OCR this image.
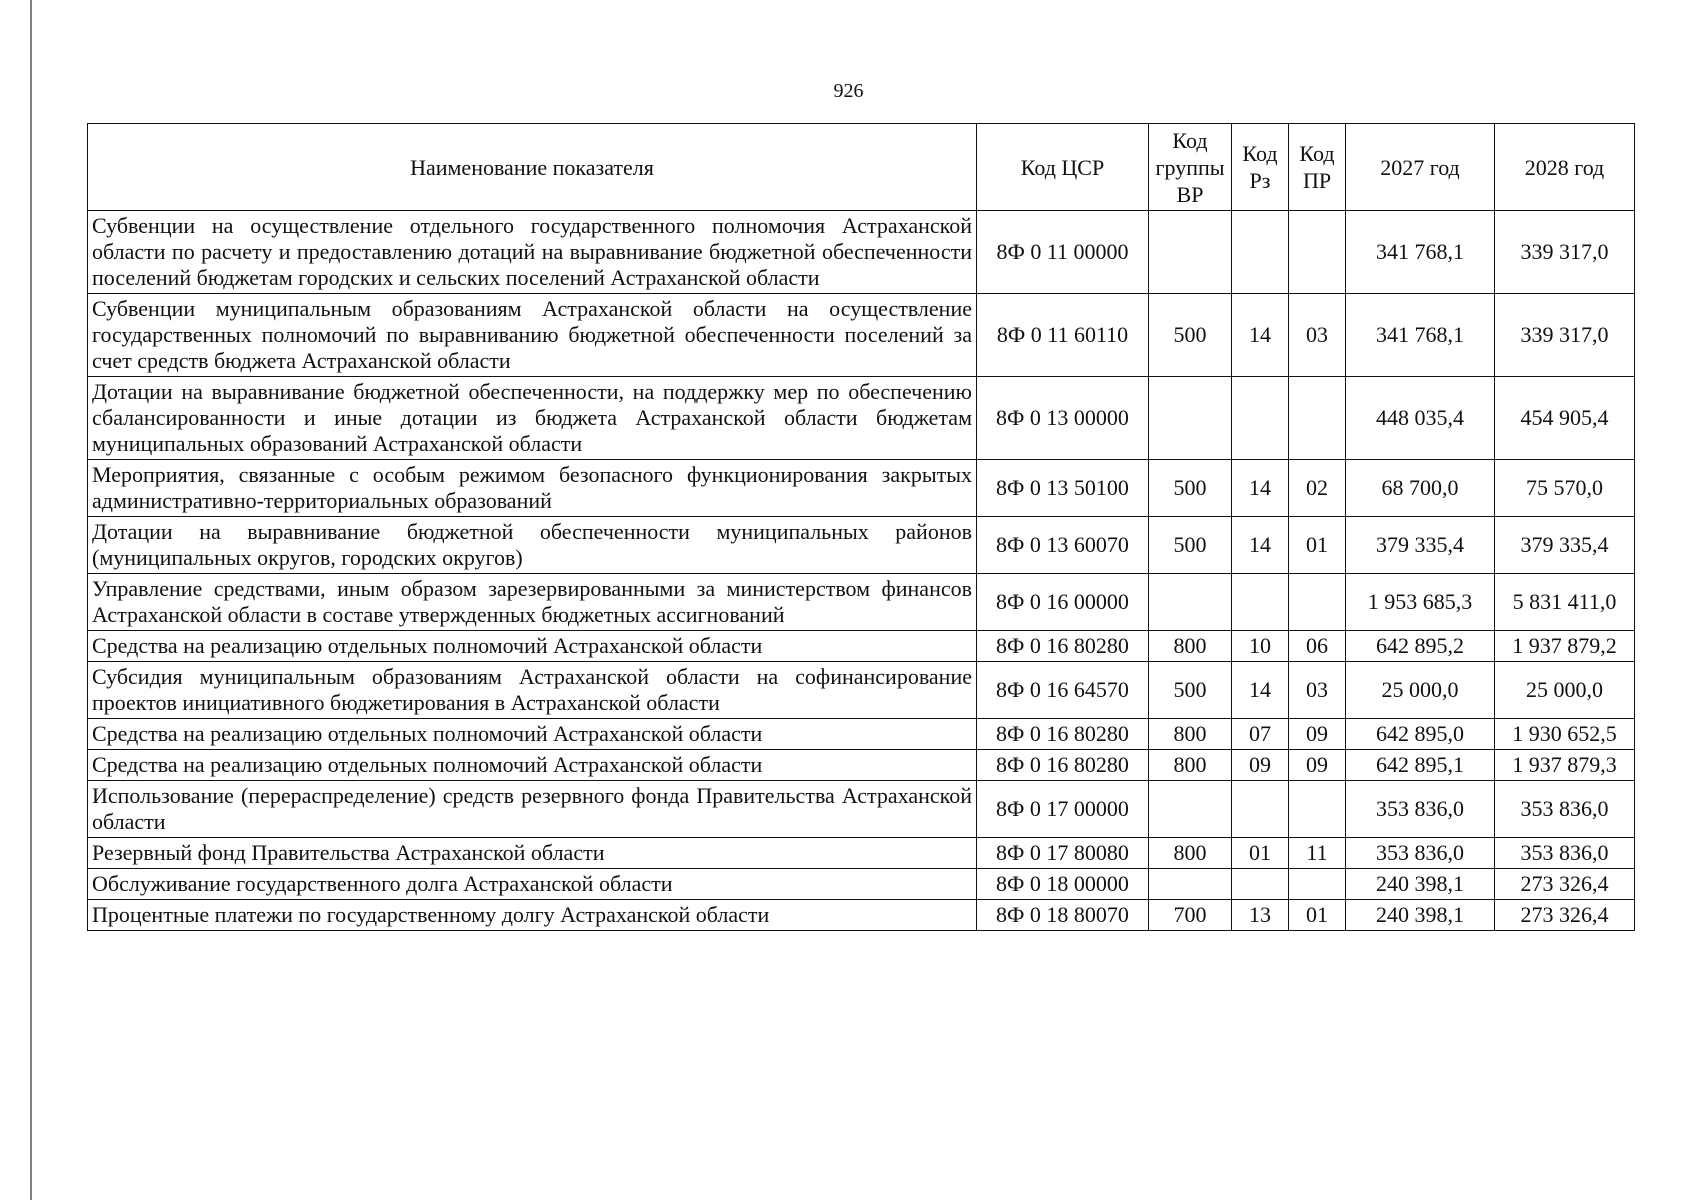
926
Наименование показателя	Код ЦСР	Код группы ВР	Код Рз	Код ПР	2027 год	2028 год
Субвенции на осуществление отдельного государственного полномочия Астраханской области по расчету и предоставлению дотаций на выравнивание бюджетной обеспеченности поселений бюджетам городских и сельских поселений Астраханской области	8Ф 0 11 00000				341 768,1	339 317,0
Субвенции муниципальным образованиям Астраханской области на осуществление государственных полномочий по выравниванию бюджетной обеспеченности поселений за счет средств бюджета Астраханской области	8Ф 0 11 60110	500	14	03	341 768,1	339 317,0
Дотации на выравнивание бюджетной обеспеченности, на поддержку мер по обеспечению сбалансированности и иные дотации из бюджета Астраханской области бюджетам муниципальных образований Астраханской области	8Ф 0 13 00000				448 035,4	454 905,4
Мероприятия, связанные с особым режимом безопасного функционирования закрытых административно-территориальных образований	8Ф 0 13 50100	500	14	02	68 700,0	75 570,0
Дотации на выравнивание бюджетной обеспеченности муниципальных районов (муниципальных округов, городских округов)	8Ф 0 13 60070	500	14	01	379 335,4	379 335,4
Управление средствами, иным образом зарезервированными за министерством финансов Астраханской области в составе утвержденных бюджетных ассигнований	8Ф 0 16 00000				1 953 685,3	5 831 411,0
Средства на реализацию отдельных полномочий Астраханской области	8Ф 0 16 80280	800	10	06	642 895,2	1 937 879,2
Субсидия муниципальным образованиям Астраханской области на софинансирование проектов инициативного бюджетирования в Астраханской области	8Ф 0 16 64570	500	14	03	25 000,0	25 000,0
Средства на реализацию отдельных полномочий Астраханской области	8Ф 0 16 80280	800	07	09	642 895,0	1 930 652,5
Средства на реализацию отдельных полномочий Астраханской области	8Ф 0 16 80280	800	09	09	642 895,1	1 937 879,3
Использование (перераспределение) средств резервного фонда Правительства Астраханской области	8Ф 0 17 00000				353 836,0	353 836,0
Резервный фонд Правительства Астраханской области	8Ф 0 17 80080	800	01	11	353 836,0	353 836,0
Обслуживание государственного долга Астраханской области	8Ф 0 18 00000				240 398,1	273 326,4
Процентные платежи по государственному долгу Астраханской области	8Ф 0 18 80070	700	13	01	240 398,1	273 326,4
